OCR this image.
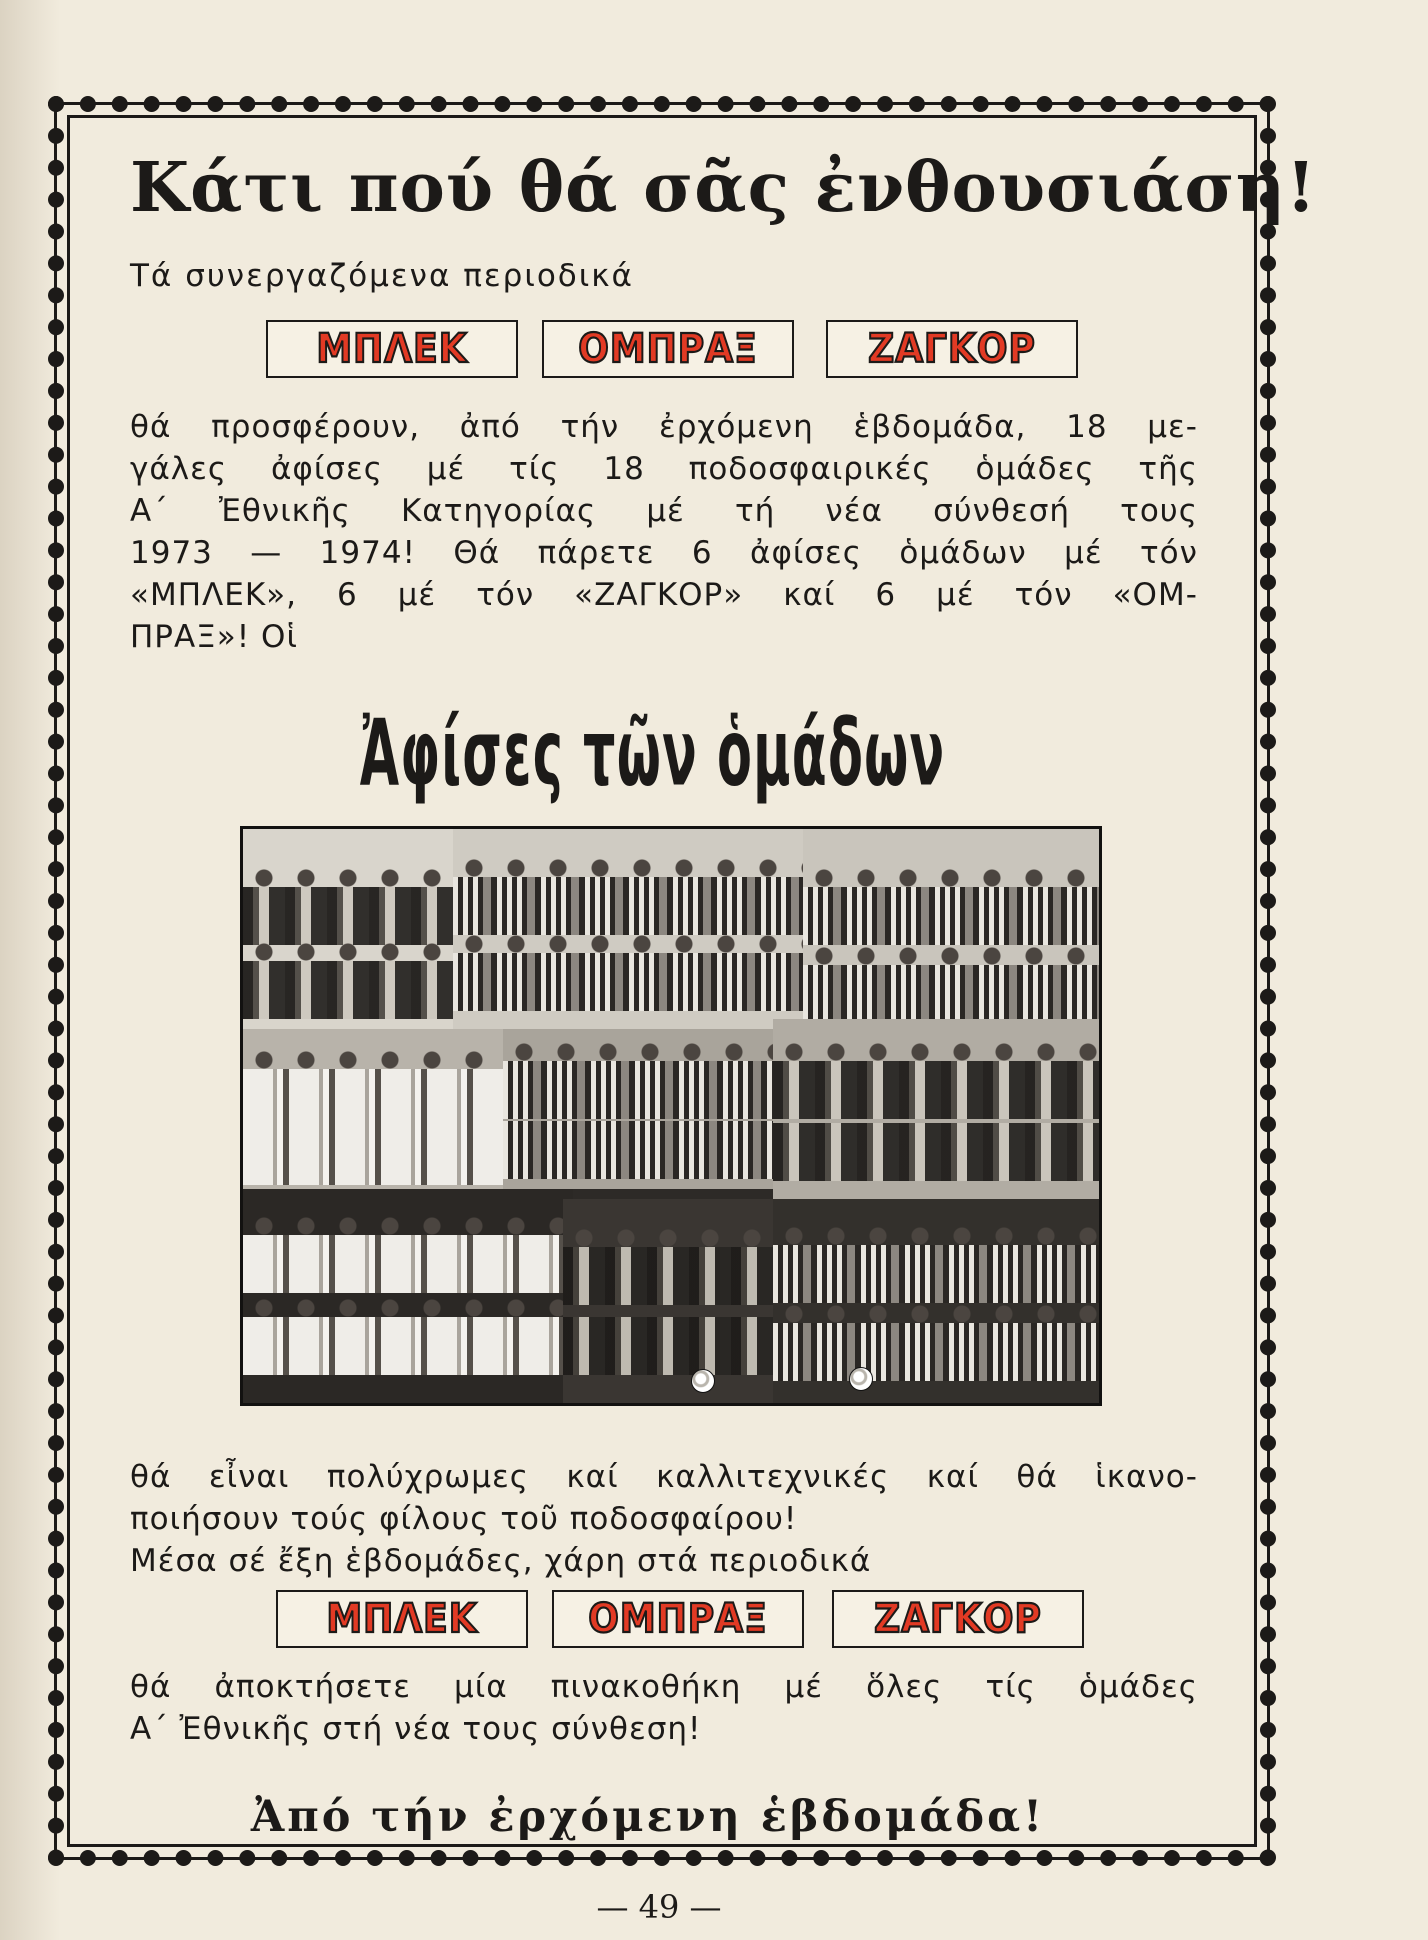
Κάτι πού θά σᾶς ἐνθουσιάση!
Τά συνεργαζόμενα περιοδικά
ΜΠΛΕΚ	ΟΜΠΡΑΞ	ΖΑΓΚΟΡ
θά προσφέρουν, ἀπό τήν ἐρχόμενη ἑβδομάδα, 18 με-
γάλες ἀφίσες μέ τίς 18 ποδοσφαιρικές ὁμάδες τῆς
Α΄ Ἐθνικῆς Κατηγορίας μέ τή νέα σύνθεσή τους
1973 — 1974! Θά πάρετε 6 ἀφίσες ὁμάδων μέ τόν
«ΜΠΛΕΚ», 6 μέ τόν «ΖΑΓΚΟΡ» καί 6 μέ τόν «ΟΜ-
ΠΡΑΞ»! Οἱ
Ἀφίσες τῶν ὁμάδων
θά εἶναι πολύχρωμες καί καλλιτεχνικές καί θά ἱκανο-
ποιήσουν τούς φίλους τοῦ ποδοσφαίρου!
Μέσα σέ ἔξη ἑβδομάδες, χάρη στά περιοδικά
ΜΠΛΕΚ	ΟΜΠΡΑΞ	ΖΑΓΚΟΡ
θά ἀποκτήσετε μία πινακοθήκη μέ ὅλες τίς ὁμάδες
Α΄ Ἐθνικῆς στή νέα τους σύνθεση!
Ἀπό τήν ἐρχόμενη ἑβδομάδα!
— 49 —
